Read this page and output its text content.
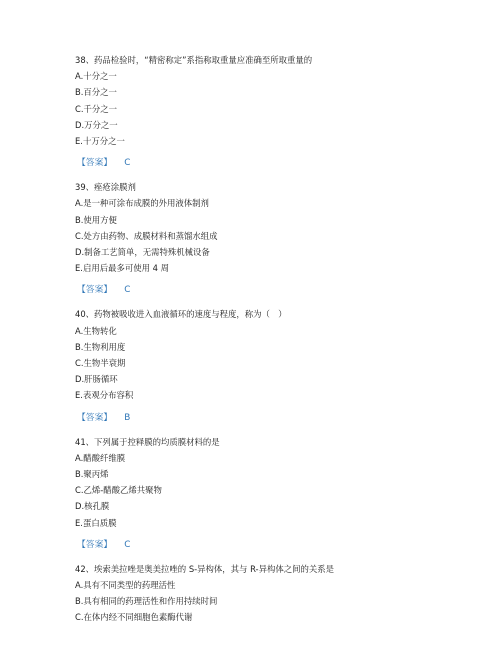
38、药品检验时，“精密称定”系指称取重量应准确至所取重量的
A.十分之一
B.百分之一
C.千分之一
D.万分之一
E.十万分之一
【答案】 C
39、痤疮涂膜剂
A.是一种可涂布成膜的外用液体制剂
B.使用方便
C.处方由药物、成膜材料和蒸馏水组成
D.制备工艺简单，无需特殊机械设备
E.启用后最多可使用 4 周
【答案】 C
40、药物被吸收进入血液循环的速度与程度，称为（　）
A.生物转化
B.生物利用度
C.生物半衰期
D.肝肠循环
E.表观分布容积
【答案】 B
41、下列属于控释膜的均质膜材料的是
A.醋酸纤维膜
B.聚丙烯
C.乙烯-醋酸乙烯共聚物
D.核孔膜
E.蛋白质膜
【答案】 C
42、埃索美拉唑是奥美拉唑的 S-异构体，其与 R-异构体之间的关系是
A.具有不同类型的药理活性
B.具有相同的药理活性和作用持续时间
C.在体内经不同细胞色素酶代谢
